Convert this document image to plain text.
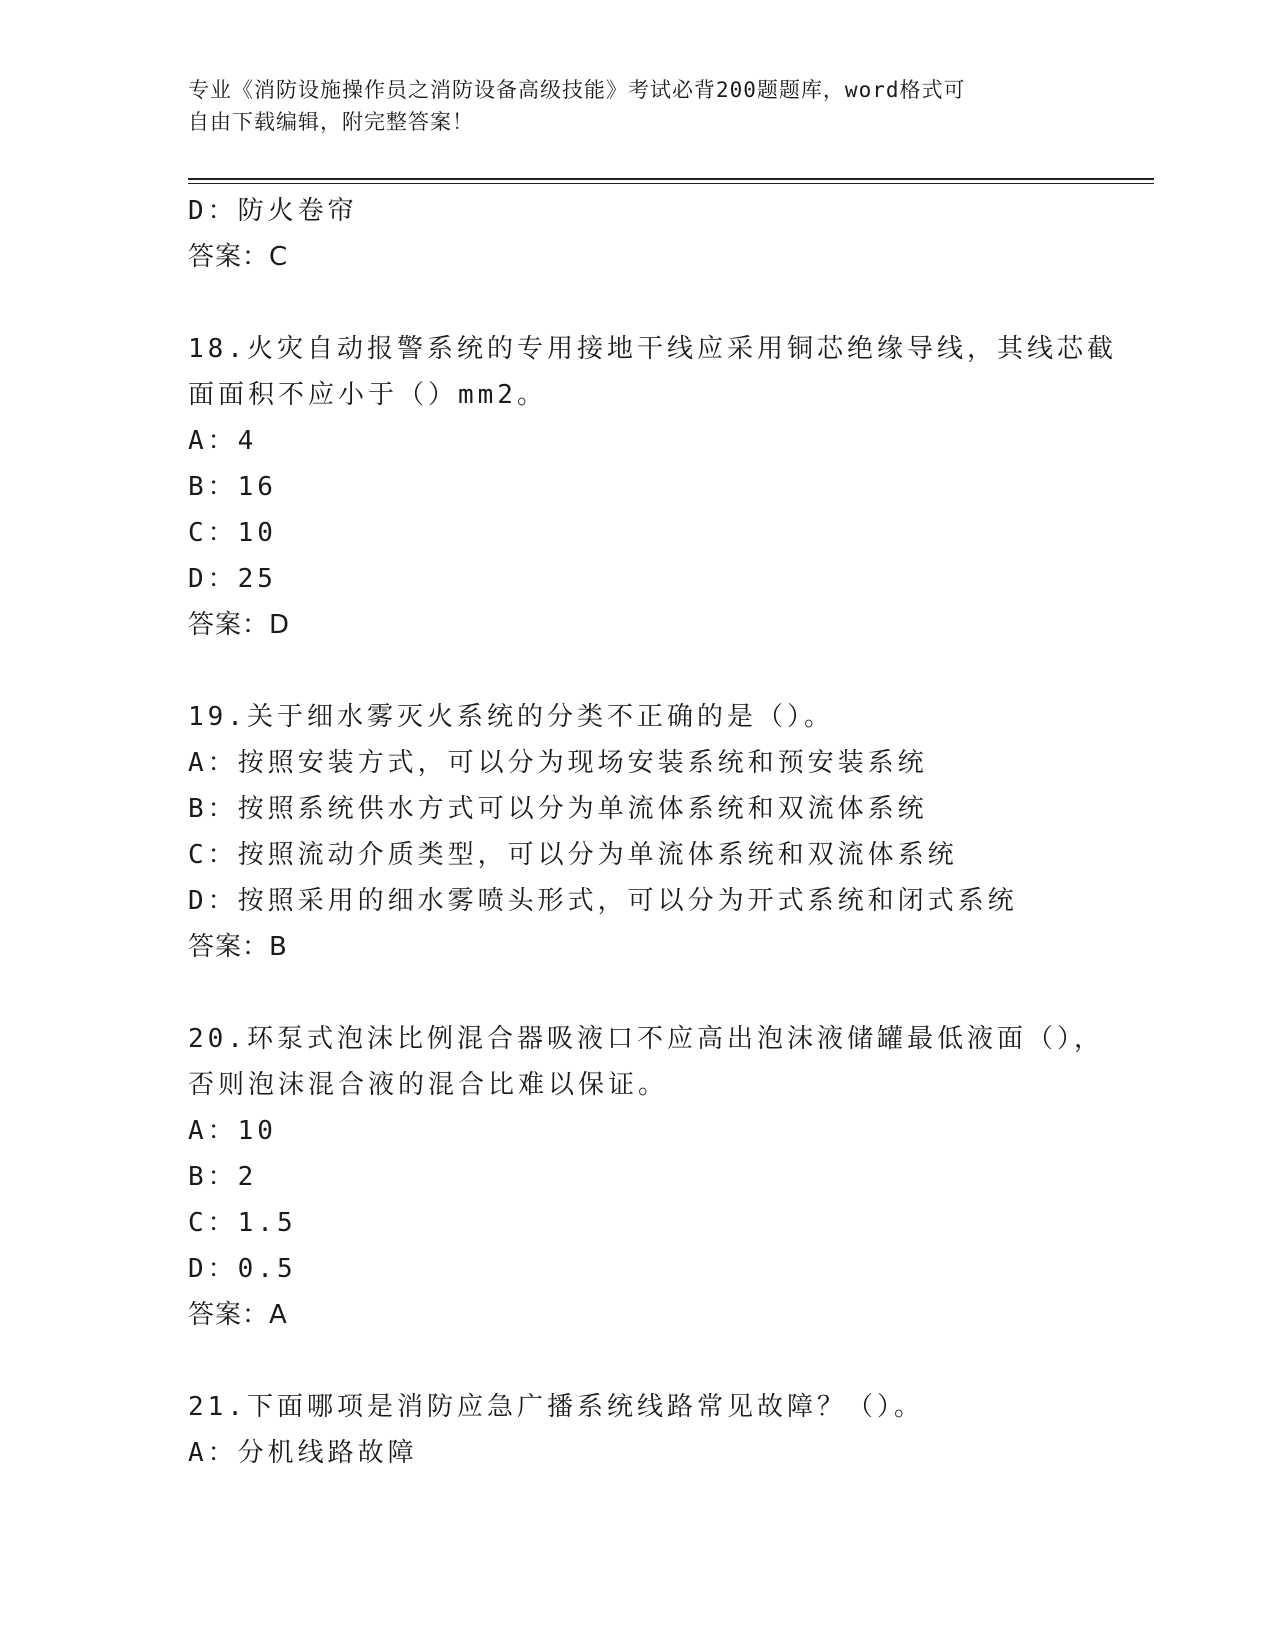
专业《消防设施操作员之消防设备高级技能》考试必背200题题库，word格式可
自由下载编辑，附完整答案！
D：防火卷帘
答案：C
18.火灾自动报警系统的专用接地干线应采用铜芯绝缘导线，其线芯截
面面积不应小于（）mm2。
A：4
B：16
C：10
D：25
答案：D
19.关于细水雾灭火系统的分类不正确的是（）。
A：按照安装方式，可以分为现场安装系统和预安装系统
B：按照系统供水方式可以分为单流体系统和双流体系统
C：按照流动介质类型，可以分为单流体系统和双流体系统
D：按照采用的细水雾喷头形式，可以分为开式系统和闭式系统
答案：B
20.环泵式泡沫比例混合器吸液口不应高出泡沫液储罐最低液面（），
否则泡沫混合液的混合比难以保证。
A：10
B：2
C：1.5
D：0.5
答案：A
21.下面哪项是消防应急广播系统线路常见故障？（）。
A：分机线路故障
